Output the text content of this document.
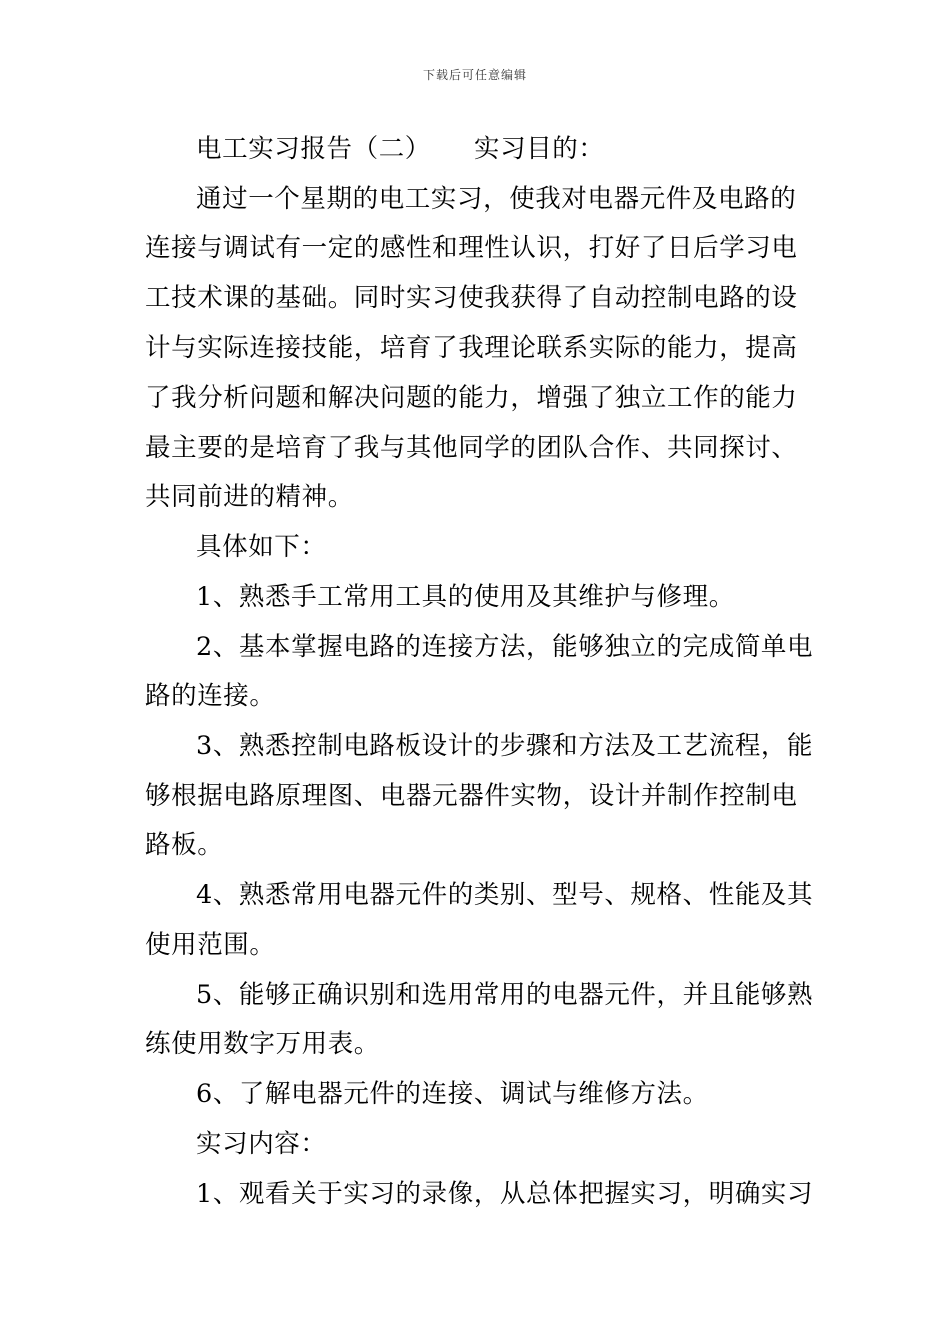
下载后可任意编辑
电工实习报告（二） 实习目的：
通过一个星期的电工实习，使我对电器元件及电路的
连接与调试有一定的感性和理性认识，打好了日后学习电
工技术课的基础。同时实习使我获得了自动控制电路的设
计与实际连接技能，培育了我理论联系实际的能力，提高
了我分析问题和解决问题的能力，增强了独立工作的能力
最主要的是培育了我与其他同学的团队合作、共同探讨、
共同前进的精神。
具体如下：
1、熟悉手工常用工具的使用及其维护与修理。
2、基本掌握电路的连接方法，能够独立的完成简单电
路的连接。
3、熟悉控制电路板设计的步骤和方法及工艺流程，能
够根据电路原理图、电器元器件实物，设计并制作控制电
路板。
4、熟悉常用电器元件的类别、型号、规格、性能及其
使用范围。
5、能够正确识别和选用常用的电器元件，并且能够熟
练使用数字万用表。
6、了解电器元件的连接、调试与维修方法。
实习内容：
1、观看关于实习的录像，从总体把握实习，明确实习
